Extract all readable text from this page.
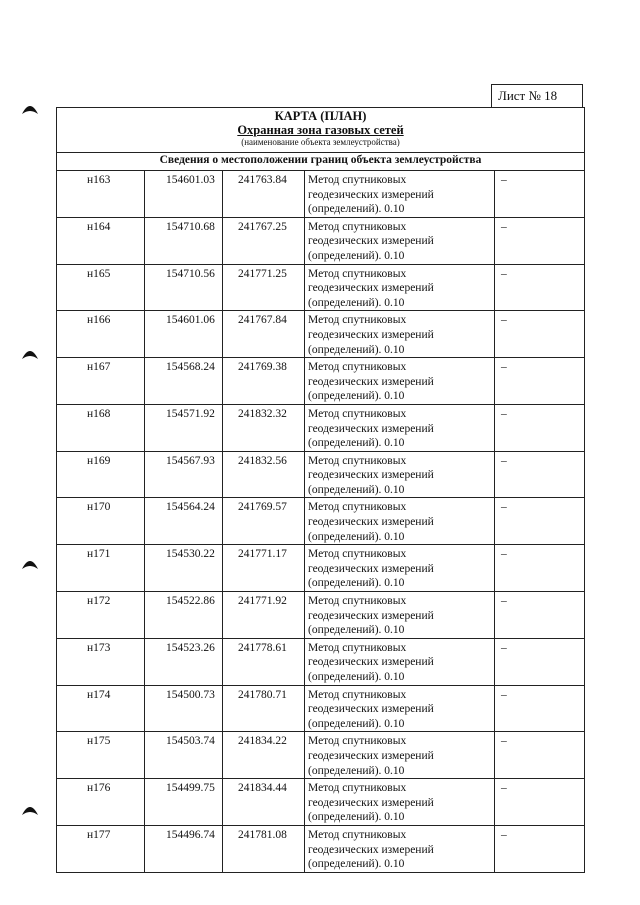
Лист № 18
КАРТА (ПЛАН)
Охранная зона газовых сетей
(наименование объекта землеустройства)				

Сведения о местоположении границ объекта землеустройства				

н163	154601.03	241763.84	Метод спутниковых
геодезических измерений
(определений). 0.10	–

н164	154710.68	241767.25	Метод спутниковых
геодезических измерений
(определений). 0.10	–

н165	154710.56	241771.25	Метод спутниковых
геодезических измерений
(определений). 0.10	–

н166	154601.06	241767.84	Метод спутниковых
геодезических измерений
(определений). 0.10	–

н167	154568.24	241769.38	Метод спутниковых
геодезических измерений
(определений). 0.10	–

н168	154571.92	241832.32	Метод спутниковых
геодезических измерений
(определений). 0.10	–

н169	154567.93	241832.56	Метод спутниковых
геодезических измерений
(определений). 0.10	–

н170	154564.24	241769.57	Метод спутниковых
геодезических измерений
(определений). 0.10	–

н171	154530.22	241771.17	Метод спутниковых
геодезических измерений
(определений). 0.10	–

н172	154522.86	241771.92	Метод спутниковых
геодезических измерений
(определений). 0.10	–

н173	154523.26	241778.61	Метод спутниковых
геодезических измерений
(определений). 0.10	–

н174	154500.73	241780.71	Метод спутниковых
геодезических измерений
(определений). 0.10	–

н175	154503.74	241834.22	Метод спутниковых
геодезических измерений
(определений). 0.10	–

н176	154499.75	241834.44	Метод спутниковых
геодезических измерений
(определений). 0.10	–

н177	154496.74	241781.08	Метод спутниковых
геодезических измерений
(определений). 0.10	–
